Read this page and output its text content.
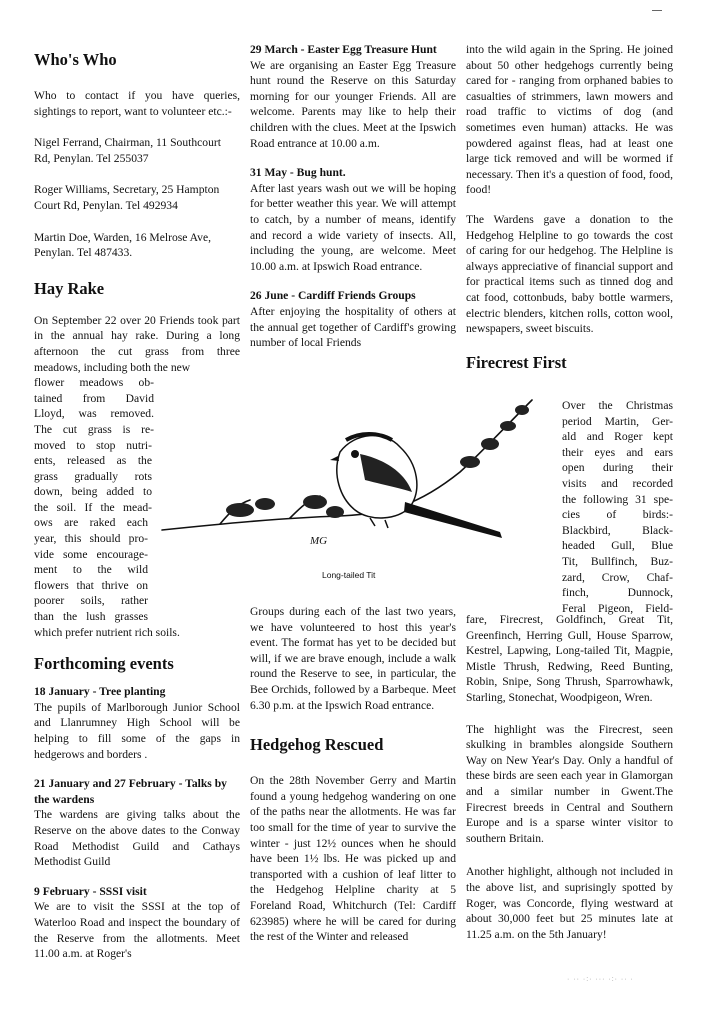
Who's Who

Who to contact if you have queries, sightings to report, want to volunteer etc.:-

Nigel Ferrand, Chairman, 11 Southcourt Rd, Penylan. Tel 255037

Roger Williams, Secretary, 25 Hampton Court Rd, Penylan. Tel 492934

Martin Doe, Warden, 16 Melrose Ave, Penylan. Tel 487433.

Hay Rake

On September 22 over 20 Friends took part in the annual hay rake. During a long afternoon the cut grass from three meadows, including both the new

flower meadows ob-
tained from David
Lloyd, was removed.
The cut grass is re-
moved to stop nutri-
ents, released as the
grass gradually rots
down, being added to
the soil. If the mead-
ows are raked each
year, this should pro-
vide some encourage-
ment to the wild
flowers that thrive on
poorer soils, rather
than the lush grasses
which prefer nutrient rich soils.
Forthcoming events
18 January - Tree planting

The pupils of Marlborough Junior School and Llanrumney High School will be helping to fill some of the gaps in hedgerows and borders .

21 January and 27 February - Talks by the wardens

The wardens are giving talks about the Reserve on the above dates to the Conway Road Methodist Guild and Cathays Methodist Guild

9 February - SSSI visit

We are to visit the SSSI at the top of Waterloo Road and inspect the boundary of the Reserve from the allotments. Meet 11.00 a.m. at Roger's

29 March - Easter Egg Treasure Hunt

We are organising an Easter Egg Treasure hunt round the Reserve on this Saturday morning for our younger Friends. All are welcome. Parents may like to help their children with the clues. Meet at the Ipswich Road entrance at 10.00 a.m.

31 May - Bug hunt.

After last years wash out we will be hoping for better weather this year. We will attempt to catch, by a number of means, identify and record a wide variety of insects. All, including the young, are welcome. Meet 10.00 a.m. at Ipswich Road entrance.

26 June - Cardiff Friends Groups

After enjoying the hospitality of others at the annual get together of Cardiff's growing number of local Friends

Groups during each of the last two years, we have volunteered to host this year's event. The format has yet to be decided but will, if we are brave enough, include a walk round the Reserve to see, in particular, the Bee Orchids, followed by a Barbeque. Meet 6.30 p.m. at the Ipswich Road entrance.

Hedgehog Rescued

On the 28th November Gerry and Martin found a young hedgehog wandering on one of the paths near the allotments. He was far too small for the time of year to survive the winter - just 12½ ounces when he should have been 1½ lbs. He was picked up and transported with a cushion of leaf litter to the Hedgehog Helpline charity at 5 Foreland Road, Whitchurch (Tel: Cardiff 623985) where he will be cared for during the rest of the Winter and released

into the wild again in the Spring. He joined about 50 other hedgehogs currently being cared for - ranging from orphaned babies to casualties of strimmers, lawn mowers and road traffic to victims of dog (and sometimes even human) attacks. He was powdered against fleas, had at least one large tick removed and will be wormed if necessary. Then it's a question of food, food, food!

The Wardens gave a donation to the Hedgehog Helpline to go towards the cost of caring for our hedgehog. The Helpline is always appreciative of financial support and for practical items such as tinned dog and cat food, cottonbuds, baby bottle warmers, electric blenders, kitchen rolls, cotton wool, newspapers, sweet biscuits.

Firecrest First
Over the Christmas
period Martin, Ger-
ald and Roger kept
their eyes and ears
open during their
visits and recorded
the following 31 spe-
cies of birds:-
Blackbird, Black-
headed Gull, Blue
Tit, Bullfinch, Buz-
zard, Crow, Chaf-
finch, Dunnock,
Feral Pigeon, Field-

fare, Firecrest, Goldfinch, Great Tit, Greenfinch, Herring Gull, House Sparrow, Kestrel, Lapwing, Long-tailed Tit, Magpie, Mistle Thrush, Redwing, Reed Bunting, Robin, Snipe, Song Thrush, Sparrowhawk, Starling, Stonechat, Woodpigeon, Wren.

The highlight was the Firecrest, seen skulking in brambles alongside Southern Way on New Year's Day. Only a handful of these birds are seen each year in Glamorgan and a similar number in Gwent.The Firecrest breeds in Central and Southern Europe and is a sparse winter visitor to southern Britain.

Another highlight, although not included in the above list, and suprisingly spotted by Roger, was Concorde, flying westward at about 30,000 feet but 25 minutes late at 11.25 a.m. on the 5th January!

MG
Long-tailed Tit
· ·· ·:· ··· ·:· ·· ·
